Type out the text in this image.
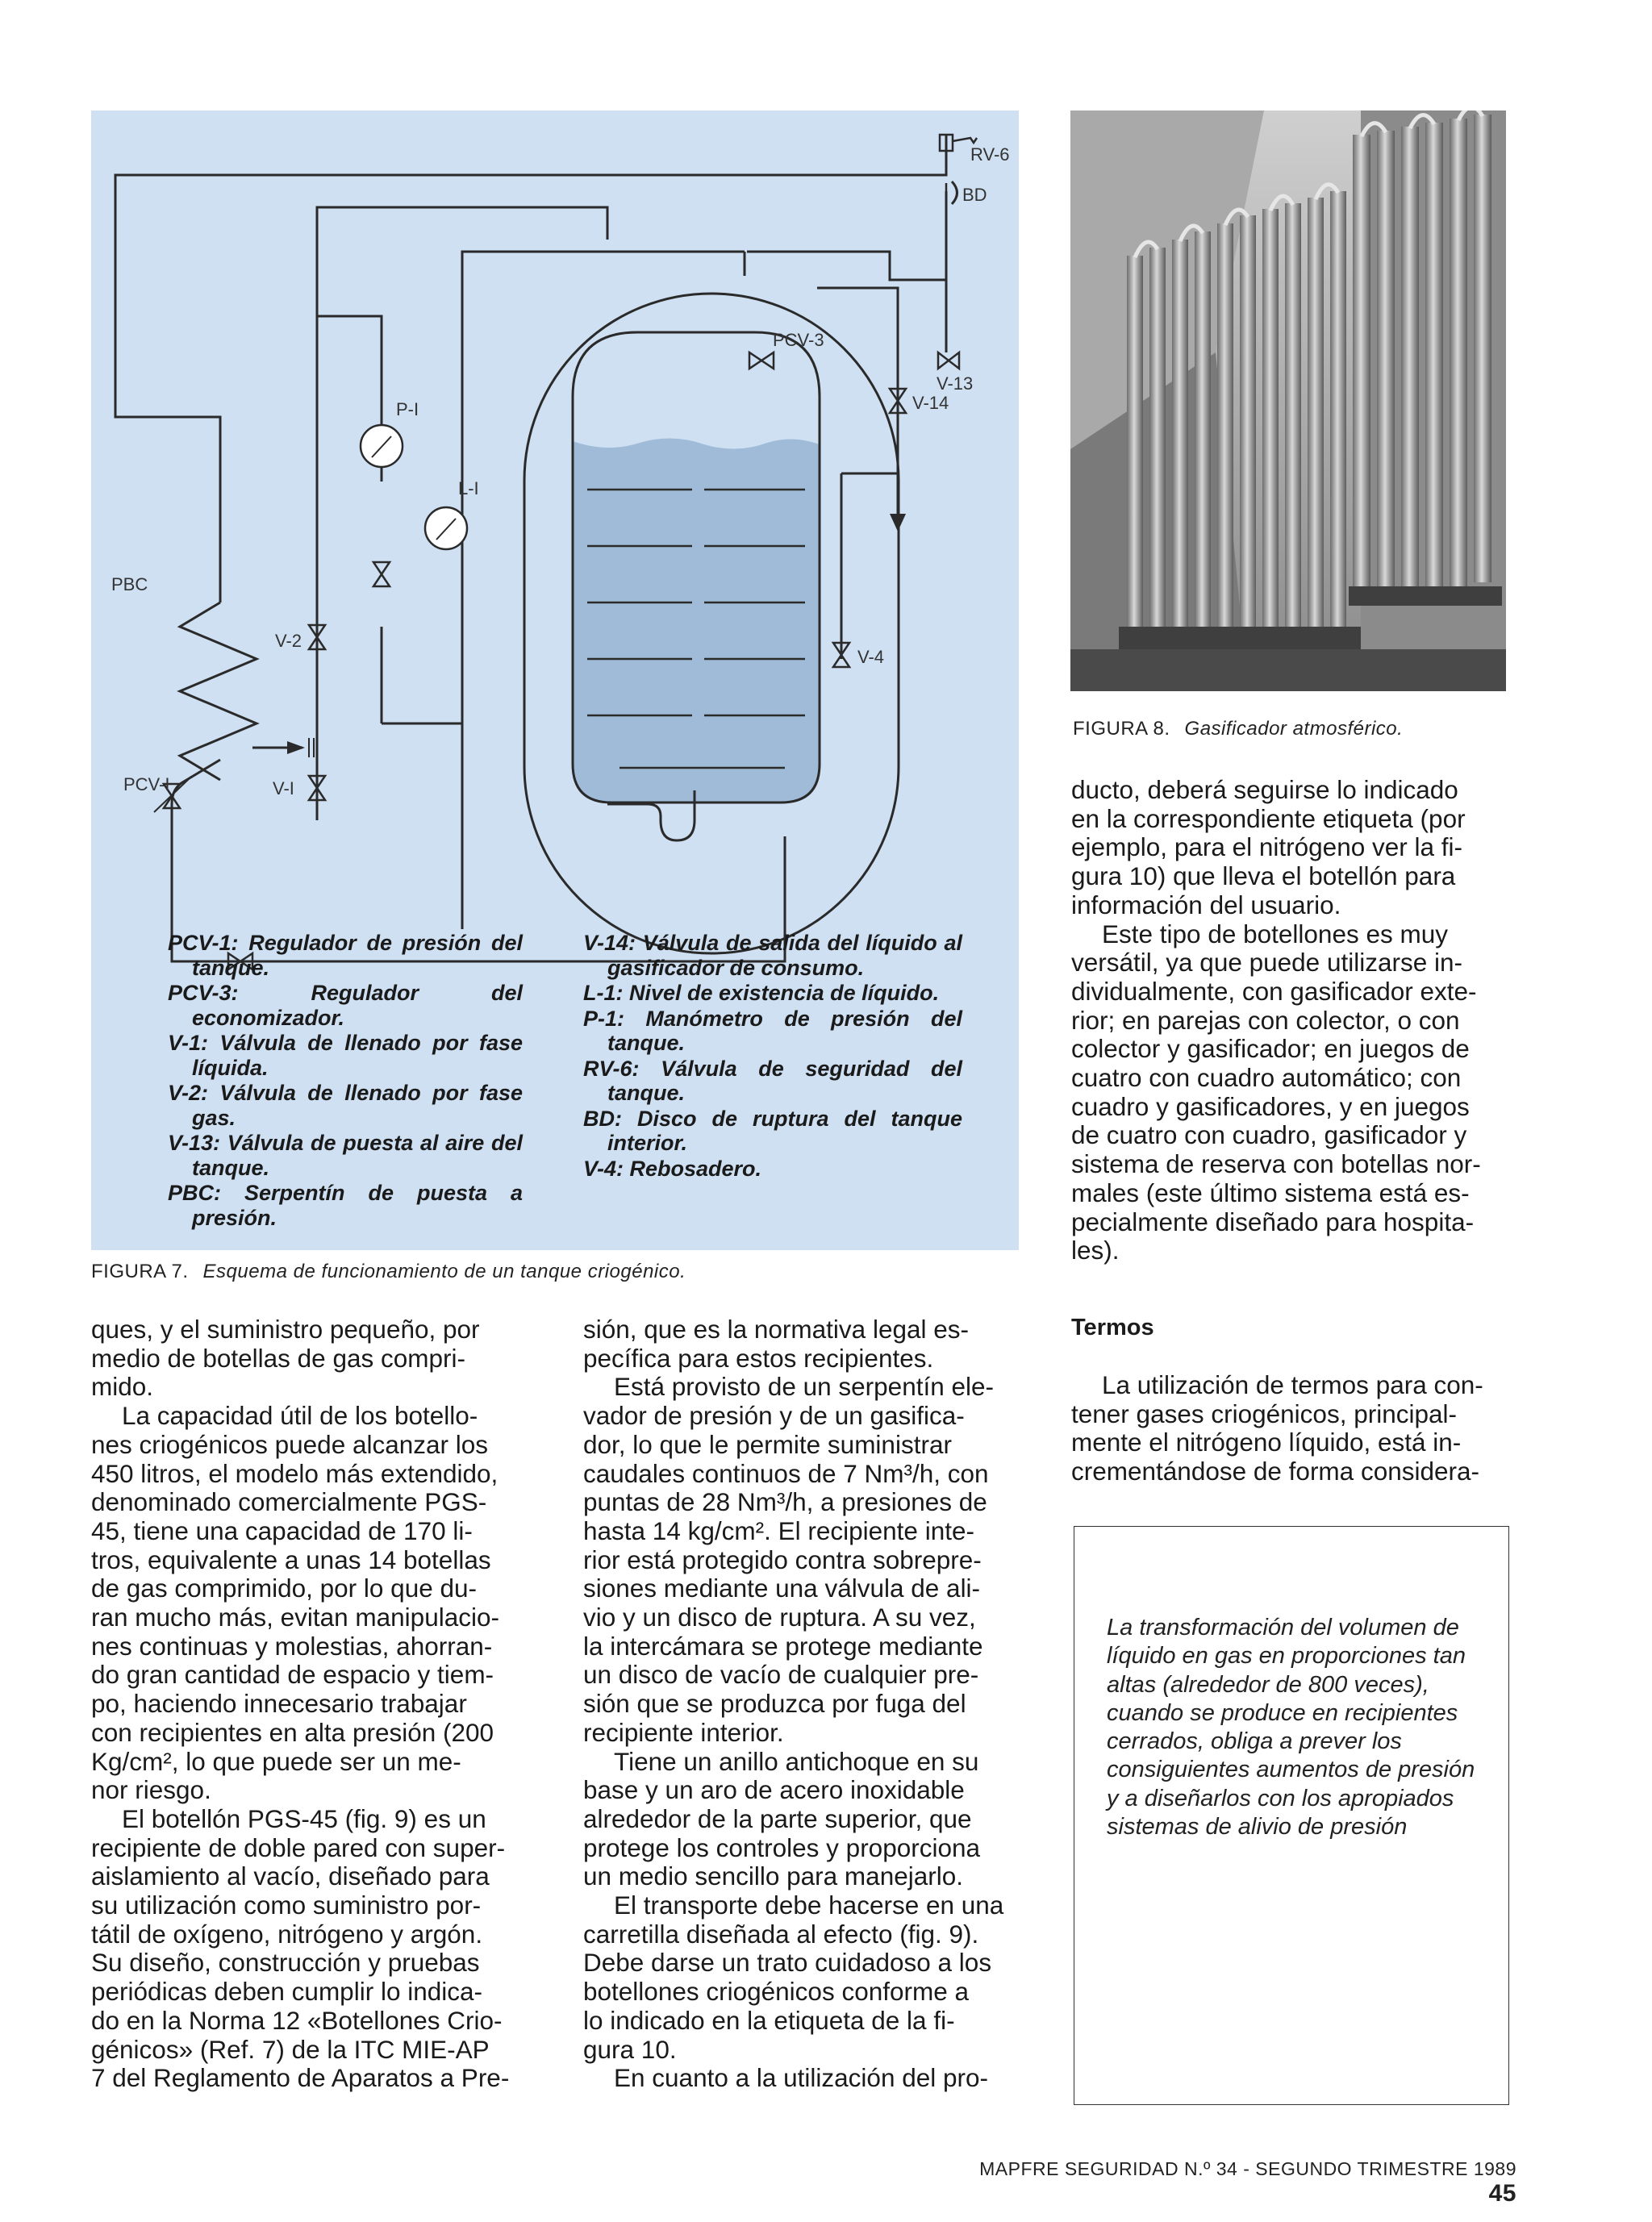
RV-6
BD
PCV-3
V-13
V-14
V-4
P-I
L-I
PBC
V-2
PCV-I	V-I
PCV-1: Regulador de presión del tanque.
PCV-3: Regulador del economizador.
V-1: Válvula de llenado por fase líquida.
V-2: Válvula de llenado por fase gas.
V-13: Válvula de puesta al aire del tanque.
PBC: Serpentín de puesta a presión.
V-14: Válvula de salida del líquido al gasificador de consumo.
L-1: Nivel de existencia de líquido.
P-1: Manómetro de presión del tanque.
RV-6: Válvula de seguridad del tanque.
BD: Disco de ruptura del tanque interior.
V-4: Rebosadero.
FIGURA 7. Esquema de funcionamiento de un tanque criogénico.
FIGURA 8. Gasificador atmosférico.
ducto, deberá seguirse lo indicado
en la correspondiente etiqueta (por
ejemplo, para el nitrógeno ver la fi-
gura 10) que lleva el botellón para
información del usuario.
Este tipo de botellones es muy
versátil, ya que puede utilizarse in-
dividualmente, con gasificador exte-
rior; en parejas con colector, o con
colector y gasificador; en juegos de
cuatro con cuadro automático; con
cuadro y gasificadores, y en juegos
de cuatro con cuadro, gasificador y
sistema de reserva con botellas nor-
males (este último sistema está es-
pecialmente diseñado para hospita-
les).
Termos
La utilización de termos para con-
tener gases criogénicos, principal-
mente el nitrógeno líquido, está in-
crementándose de forma considera-
La transformación del volumen de líquido en gas en proporciones tan altas (alrededor de 800 veces), cuando se produce en recipientes cerrados, obliga a prever los consiguientes aumentos de presión y a diseñarlos con los apropiados sistemas de alivio de presión
ques, y el suministro pequeño, por
medio de botellas de gas compri-
mido.
La capacidad útil de los botello-
nes criogénicos puede alcanzar los
450 litros, el modelo más extendido,
denominado comercialmente PGS-
45, tiene una capacidad de 170 li-
tros, equivalente a unas 14 botellas
de gas comprimido, por lo que du-
ran mucho más, evitan manipulacio-
nes continuas y molestias, ahorran-
do gran cantidad de espacio y tiem-
po, haciendo innecesario trabajar
con recipientes en alta presión (200
Kg/cm², lo que puede ser un me-
nor riesgo.
El botellón PGS-45 (fig. 9) es un
recipiente de doble pared con super-
aislamiento al vacío, diseñado para
su utilización como suministro por-
tátil de oxígeno, nitrógeno y argón.
Su diseño, construcción y pruebas
periódicas deben cumplir lo indica-
do en la Norma 12 «Botellones Crio-
génicos» (Ref. 7) de la ITC MIE-AP
7 del Reglamento de Aparatos a Pre-
sión, que es la normativa legal es-
pecífica para estos recipientes.
Está provisto de un serpentín ele-
vador de presión y de un gasifica-
dor, lo que le permite suministrar
caudales continuos de 7 Nm³/h, con
puntas de 28 Nm³/h, a presiones de
hasta 14 kg/cm². El recipiente inte-
rior está protegido contra sobrepre-
siones mediante una válvula de ali-
vio y un disco de ruptura. A su vez,
la intercámara se protege mediante
un disco de vacío de cualquier pre-
sión que se produzca por fuga del
recipiente interior.
Tiene un anillo antichoque en su
base y un aro de acero inoxidable
alrededor de la parte superior, que
protege los controles y proporciona
un medio sencillo para manejarlo.
El transporte debe hacerse en una
carretilla diseñada al efecto (fig. 9).
Debe darse un trato cuidadoso a los
botellones criogénicos conforme a
lo indicado en la etiqueta de la fi-
gura 10.
En cuanto a la utilización del pro-
MAPFRE SEGURIDAD N.º 34 - SEGUNDO TRIMESTRE 1989 45
